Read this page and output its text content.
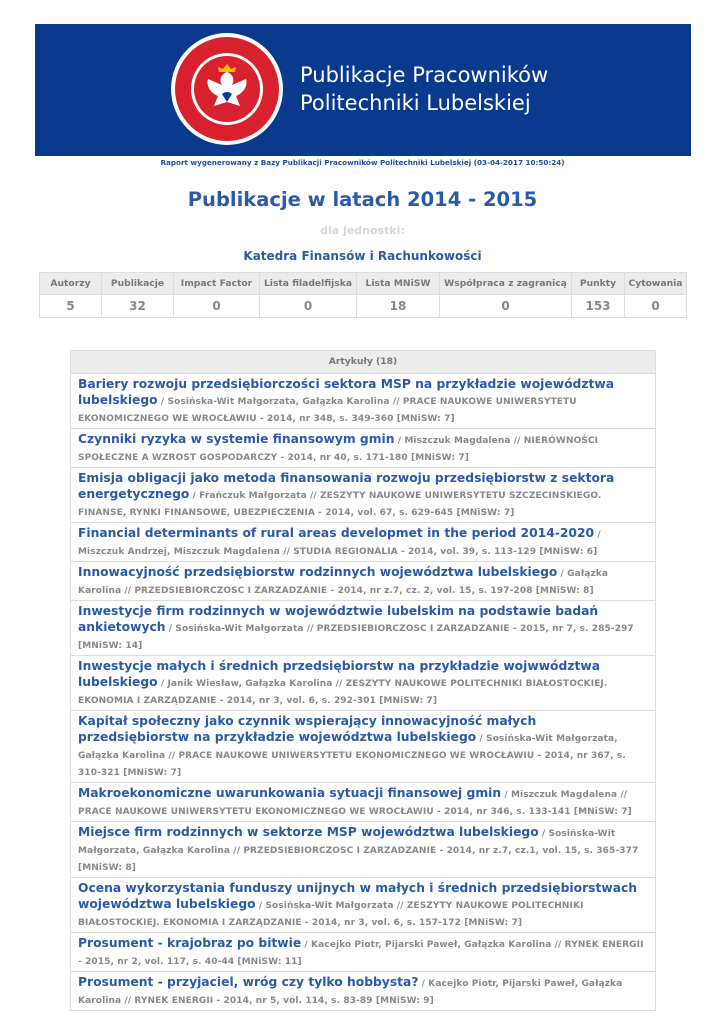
Publikacje Pracowników
Politechniki Lubelskiej
Raport wygenerowany z Bazy Publikacji Pracowników Politechniki Lubelskiej (03-04-2017 10:50:24)
Publikacje w latach 2014 - 2015
dla jednostki:
Katedra Finansów i Rachunkowości
Autorzy	Publikacje	Impact Factor	Lista filadelfijska	Lista MNiSW	Współpraca z zagranicą	Punkty	Cytowania
5	32	0	0	18	0	153	0
Artykuły (18)
Bariery rozwoju przedsiębiorczości sektora MSP na przykładzie województwa lubelskiego / Sosińska-Wit Małgorzata, Gałązka Karolina // PRACE NAUKOWE UNIWERSYTETU EKONOMICZNEGO WE WROCŁAWIU - 2014, nr 348, s. 349-360 [MNiSW: 7]
Czynniki ryzyka w systemie finansowym gmin / Miszczuk Magdalena // NIERÓWNOŚCI SPOŁECZNE A WZROST GOSPODARCZY - 2014, nr 40, s. 171-180 [MNiSW: 7]
Emisja obligacji jako metoda finansowania rozwoju przedsiębiorstw z sektora energetycznego / Frańczuk Małgorzata // ZESZYTY NAUKOWE UNIWERSYTETU SZCZECINSKIEGO. FINANSE, RYNKI FINANSOWE, UBEZPIECZENIA - 2014, vol. 67, s. 629-645 [MNiSW: 7]
Financial determinants of rural areas developmet in the period 2014-2020 / Miszczuk Andrzej, Miszczuk Magdalena // STUDIA REGIONALIA - 2014, vol. 39, s. 113-129 [MNiSW: 6]
Innowacyjność przedsiębiorstw rodzinnych województwa lubelskiego / Gałązka Karolina // PRZEDSIEBIORCZOSC I ZARZADZANIE - 2014, nr z.7, cz. 2, vol. 15, s. 197-208 [MNiSW: 8]
Inwestycje firm rodzinnych w województwie lubelskim na podstawie badań ankietowych / Sosińska-Wit Małgorzata // PRZEDSIEBIORCZOSC I ZARZADZANIE - 2015, nr 7, s. 285-297 [MNiSW: 14]
Inwestycje małych i średnich przedsiębiorstw na przykładzie wojwwództwa lubelskiego / Janik Wiesław, Gałązka Karolina // ZESZYTY NAUKOWE POLITECHNIKI BIAŁOSTOCKIEJ. EKONOMIA I ZARZĄDZANIE - 2014, nr 3, vol. 6, s. 292-301 [MNiSW: 7]
Kapitał społeczny jako czynnik wspierający innowacyjność małych przedsiębiorstw na przykładzie województwa lubelskiego / Sosińska-Wit Małgorzata, Gałązka Karolina // PRACE NAUKOWE UNIWERSYTETU EKONOMICZNEGO WE WROCŁAWIU - 2014, nr 367, s. 310-321 [MNiSW: 7]
Makroekonomiczne uwarunkowania sytuacji finansowej gmin / Miszczuk Magdalena // PRACE NAUKOWE UNIWERSYTETU EKONOMICZNEGO WE WROCŁAWIU - 2014, nr 346, s. 133-141 [MNiSW: 7]
Miejsce firm rodzinnych w sektorze MSP województwa lubelskiego / Sosińska-Wit Małgorzata, Gałązka Karolina // PRZEDSIEBIORCZOSC I ZARZADZANIE - 2014, nr z.7, cz.1, vol. 15, s. 365-377 [MNiSW: 8]
Ocena wykorzystania funduszy unijnych w małych i średnich przedsiębiorstwach województwa lubelskiego / Sosińska-Wit Małgorzata // ZESZYTY NAUKOWE POLITECHNIKI BIAŁOSTOCKIEJ. EKONOMIA I ZARZĄDZANIE - 2014, nr 3, vol. 6, s. 157-172 [MNiSW: 7]
Prosument - krajobraz po bitwie / Kacejko Piotr, Pijarski Paweł, Gałązka Karolina // RYNEK ENERGII - 2015, nr 2, vol. 117, s. 40-44 [MNiSW: 11]
Prosument - przyjaciel, wróg czy tylko hobbysta? / Kacejko Piotr, Pijarski Paweł, Gałązka Karolina // RYNEK ENERGII - 2014, nr 5, vol. 114, s. 83-89 [MNiSW: 9]
